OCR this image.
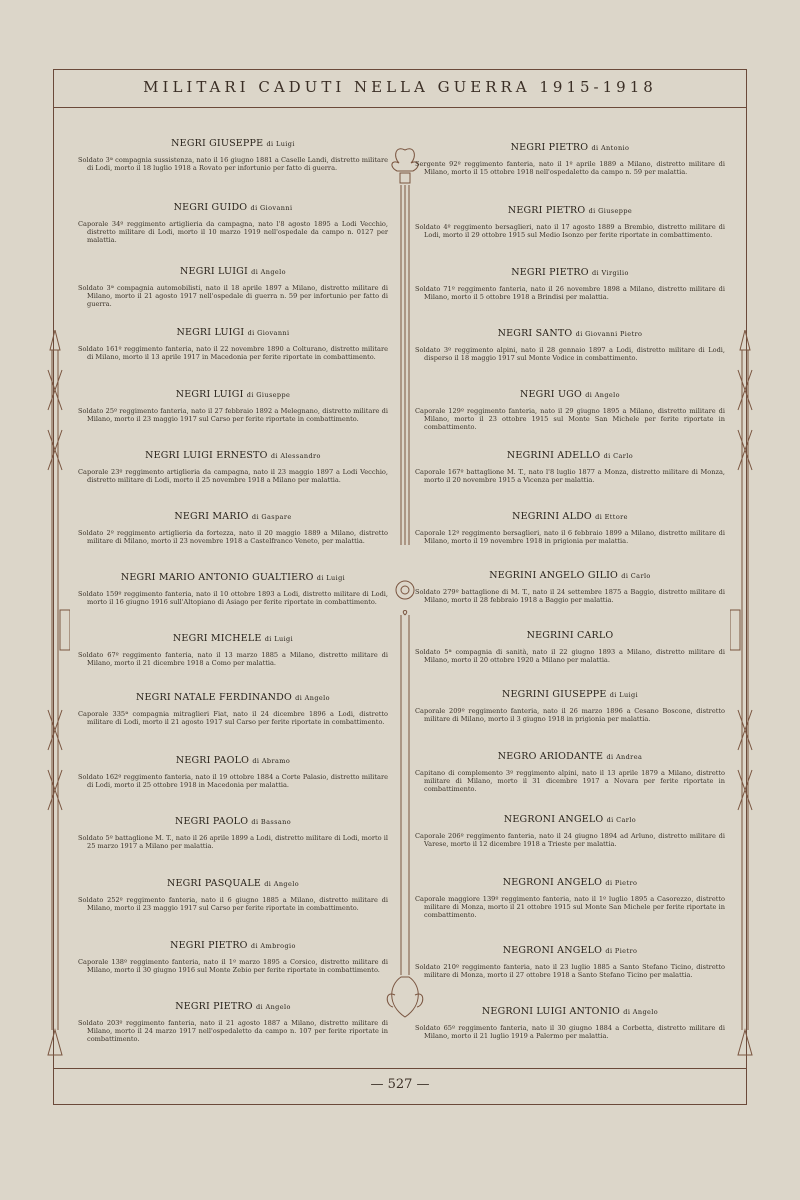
MILITARI CADUTI NELLA GUERRA 1915-1918
NEGRI GIUSEPPE di Luigi
Soldato 3ª compagnia sussistenza, nato il 16 giugno 1881 a Caselle Landi, distretto militare di Lodi, morto il 18 luglio 1918 a Rovato per infortunio per fatto di guerra.
NEGRI GUIDO di Giovanni
Caporale 34º reggimento artiglieria da campagna, nato l'8 agosto 1895 a Lodi Vecchio, distretto militare di Lodi, morto il 10 marzo 1919 nell'ospedale da campo n. 0127 per malattia.
NEGRI LUIGI di Angelo
Soldato 3ª compagnia automobilisti, nato il 18 aprile 1897 a Milano, distretto militare di Milano, morto il 21 agosto 1917 nell'ospedale di guerra n. 59 per infortunio per fatto di guerra.
NEGRI LUIGI di Giovanni
Soldato 161º reggimento fanteria, nato il 22 novembre 1890 a Colturano, distretto militare di Milano, morto il 13 aprile 1917 in Macedonia per ferite riportate in combattimento.
NEGRI LUIGI di Giuseppe
Soldato 25º reggimento fanteria, nato il 27 febbraio 1892 a Melegnano, distretto militare di Milano, morto il 23 maggio 1917 sul Carso per ferite riportate in combattimento.
NEGRI LUIGI ERNESTO di Alessandro
Caporale 23º reggimento artiglieria da campagna, nato il 23 maggio 1897 a Lodi Vecchio, distretto militare di Lodi, morto il 25 novembre 1918 a Milano per malattia.
NEGRI MARIO di Gaspare
Soldato 2º reggimento artiglieria da fortezza, nato il 20 maggio 1889 a Milano, distretto militare di Milano, morto il 23 novembre 1918 a Castelfranco Veneto, per malattia.
NEGRI MARIO ANTONIO GUALTIERO di Luigi
Soldato 159º reggimento fanteria, nato il 10 ottobre 1893 a Lodi, distretto militare di Lodi, morto il 16 giugno 1916 sull'Altopiano di Asiago per ferite riportate in combattimento.
NEGRI MICHELE di Luigi
Soldato 67º reggimento fanteria, nato il 13 marzo 1885 a Milano, distretto militare di Milano, morto il 21 dicembre 1918 a Como per malattia.
NEGRI NATALE FERDINANDO di Angelo
Caporale 335ª compagnia mitraglieri Fiat, nato il 24 dicembre 1896 a Lodi, distretto militare di Lodi, morto il 21 agosto 1917 sul Carso per ferite riportate in combattimento.
NEGRI PAOLO di Abramo
Soldato 162º reggimento fanteria, nato il 19 ottobre 1884 a Corte Palasio, distretto militare di Lodi, morto il 25 ottobre 1918 in Macedonia per malattia.
NEGRI PAOLO di Bassano
Soldato 5º battaglione M. T., nato il 26 aprile 1899 a Lodi, distretto militare di Lodi, morto il 25 marzo 1917 a Milano per malattia.
NEGRI PASQUALE di Angelo
Soldato 252º reggimento fanteria, nato il 6 giugno 1885 a Milano, distretto militare di Milano, morto il 23 maggio 1917 sul Carso per ferite riportate in combattimento.
NEGRI PIETRO di Ambrogio
Caporale 138º reggimento fanteria, nato il 1º marzo 1895 a Corsico, distretto militare di Milano, morto il 30 giugno 1916 sul Monte Zebio per ferite riportate in combattimento.
NEGRI PIETRO di Angelo
Soldato 203º reggimento fanteria, nato il 21 agosto 1887 a Milano, distretto militare di Milano, morto il 24 marzo 1917 nell'ospedaletto da campo n. 107 per ferite riportate in combattimento.
NEGRI PIETRO di Antonio
Sergente 92º reggimento fanteria, nato il 1º aprile 1889 a Milano, distretto militare di Milano, morto il 15 ottobre 1918 nell'ospedaletto da campo n. 59 per malattia.
NEGRI PIETRO di Giuseppe
Soldato 4º reggimento bersaglieri, nato il 17 agosto 1889 a Brembio, distretto militare di Lodi, morto il 29 ottobre 1915 sul Medio Isonzo per ferite riportate in combattimento.
NEGRI PIETRO di Virgilio
Soldato 71º reggimento fanteria, nato il 26 novembre 1898 a Milano, distretto militare di Milano, morto il 5 ottobre 1918 a Brindisi per malattia.
NEGRI SANTO di Giovanni Pietro
Soldato 3º reggimento alpini, nato il 28 gennaio 1897 a Lodi, distretto militare di Lodi, disperso il 18 maggio 1917 sul Monte Vodice in combattimento.
NEGRI UGO di Angelo
Caporale 129º reggimento fanteria, nato il 29 giugno 1895 a Milano, distretto militare di Milano, morto il 23 ottobre 1915 sul Monte San Michele per ferite riportate in combattimento.
NEGRINI ADELLO di Carlo
Caporale 167º battaglione M. T., nato l'8 luglio 1877 a Monza, distretto militare di Monza, morto il 20 novembre 1915 a Vicenza per malattia.
NEGRINI ALDO di Ettore
Caporale 12º reggimento bersaglieri, nato il 6 febbraio 1899 a Milano, distretto militare di Milano, morto il 19 novembre 1918 in prigionia per malattia.
NEGRINI ANGELO GILIO di Carlo
Soldato 279º battaglione di M. T., nato il 24 settembre 1875 a Baggio, distretto militare di Milano, morto il 28 febbraio 1918 a Baggio per malattia.
NEGRINI CARLO
Soldato 5ª compagnia di sanità, nato il 22 giugno 1893 a Milano, distretto militare di Milano, morto il 20 ottobre 1920 a Milano per malattia.
NEGRINI GIUSEPPE di Luigi
Caporale 209º reggimento fanteria, nato il 26 marzo 1896 a Cesano Boscone, distretto militare di Milano, morto il 3 giugno 1918 in prigionia per malattia.
NEGRO ARIODANTE di Andrea
Capitano di complemento 3º reggimento alpini, nato il 13 aprile 1879 a Milano, distretto militare di Milano, morto il 31 dicembre 1917 a Novara per ferite riportate in combattimento.
NEGRONI ANGELO di Carlo
Caporale 206º reggimento fanteria, nato il 24 giugno 1894 ad Arluno, distretto militare di Varese, morto il 12 dicembre 1918 a Trieste per malattia.
NEGRONI ANGELO di Pietro
Caporale maggiore 139º reggimento fanteria, nato il 1º luglio 1895 a Casorezzo, distretto militare di Monza, morto il 21 ottobre 1915 sul Monte San Michele per ferite riportate in combattimento.
NEGRONI ANGELO di Pietro
Soldato 210º reggimento fanteria, nato il 23 luglio 1885 a Santo Stefano Ticino, distretto militare di Monza, morto il 27 ottobre 1918 a Santo Stefano Ticino per malattia.
NEGRONI LUIGI ANTONIO di Angelo
Soldato 65º reggimento fanteria, nato il 30 giugno 1884 a Corbetta, distretto militare di Milano, morto il 21 luglio 1919 a Palermo per malattia.
— 527 —
